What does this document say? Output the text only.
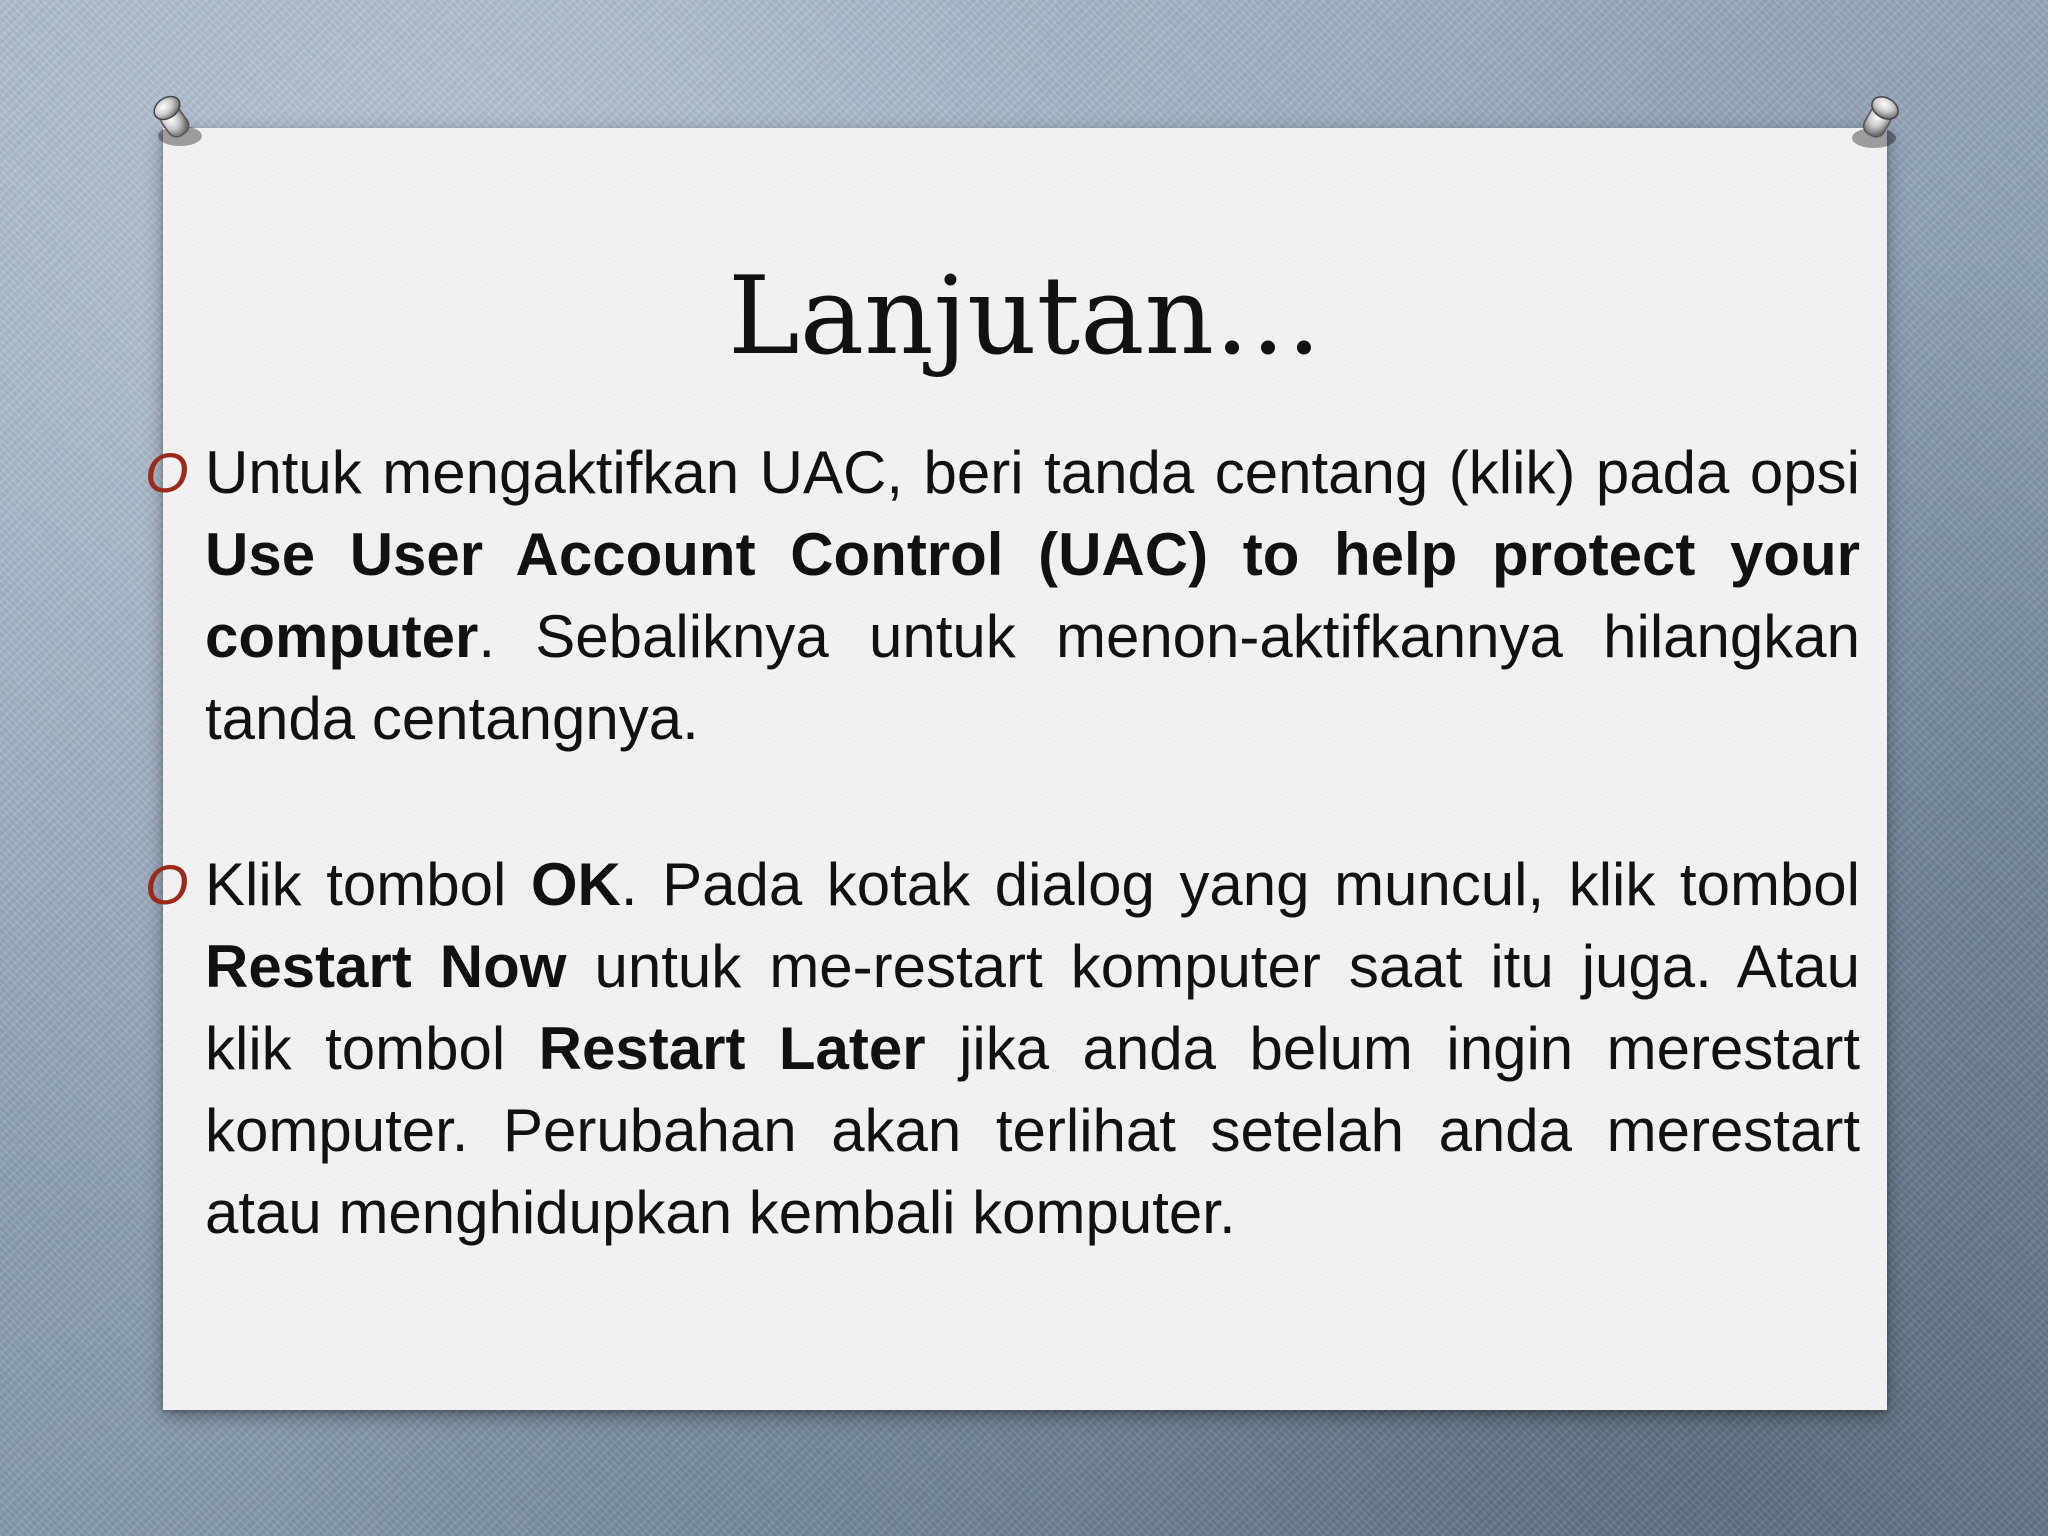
Lanjutan…
O Untuk mengaktifkan UAC, beri tanda centang (klik) pada opsi Use User Account Control (UAC) to help protect your computer. Sebaliknya untuk menon-aktifkannya hilangkan tanda centangnya.
O Klik tombol OK. Pada kotak dialog yang muncul, klik tombol Restart Now untuk me-restart komputer saat itu juga. Atau klik tombol Restart Later jika anda belum ingin merestart komputer. Perubahan akan terlihat setelah anda merestart atau menghidupkan kembali komputer.
